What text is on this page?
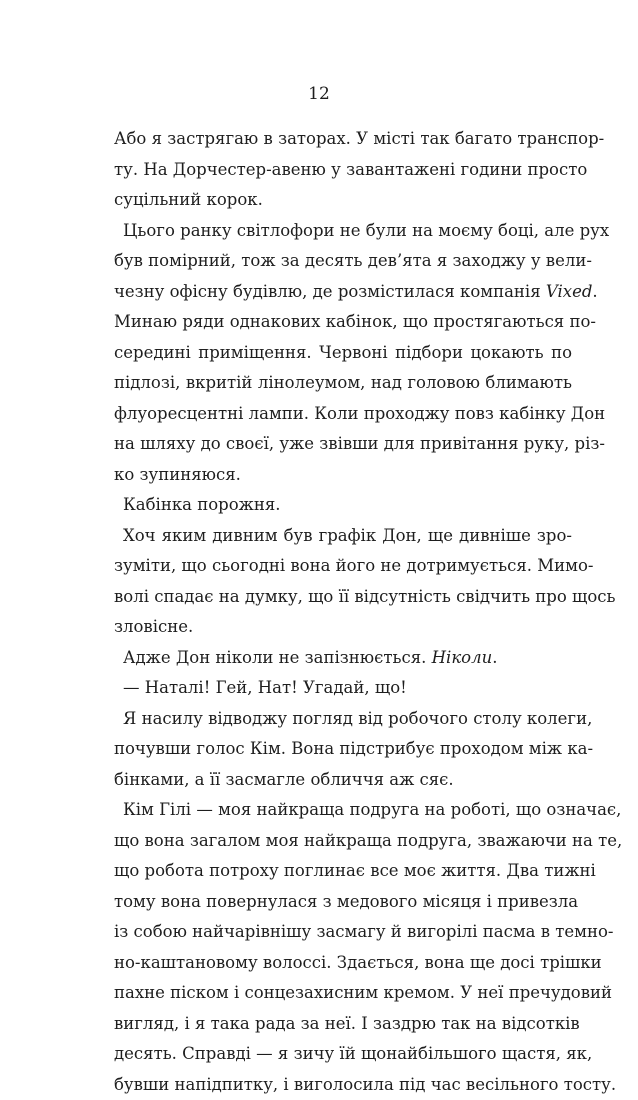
12

Або я застрягаю в заторах. У місті так багато транспор-
ту. На Дорчестер-авеню у завантажені години просто
суцільний корок.

Цього ранку світлофори не були на моєму боці, але рух
був помірний, тож за десять дев’ята я заходжу у вели-
чезну офісну будівлю, де розмістилася компанія Vixed.
Минаю ряди однакових кабінок, що простягаються по-
середині приміщення. Червоні підбори цокають по
підлозі, вкритій лінолеумом, над головою блимають
флуоресцентні лампи. Коли проходжу повз кабінку Дон
на шляху до своєї, уже звівши для привітання руку, різ-
ко зупиняюся.

Кабінка порожня.

Хоч яким дивним був графік Дон, ще дивніше зро-
зуміти, що сьогодні вона його не дотримується. Мимо-
волі спадає на думку, що її відсутність свідчить про щось
зловісне.

Адже Дон ніколи не запізнюється. Ніколи.

— Наталі! Гей, Нат! Угадай, що!

Я насилу відводжу погляд від робочого столу колеги,
почувши голос Кім. Вона підстрибує проходом між ка-
бінками, а її засмагле обличчя аж сяє.

Кім Гілі — моя найкраща подруга на роботі, що означає,
що вона загалом моя найкраща подруга, зважаючи на те,
що робота потроху поглинає все моє життя. Два тижні
тому вона повернулася з медового місяця і привезла
із собою найчарівнішу засмагу й вигорілі пасма в темно-
но-каштановому волоссі. Здається, вона ще досі трішки
пахне піском і сонцезахисним кремом. У неї пречудовий
вигляд, і я така рада за неї. І заздрю так на відсотків
десять. Справді — я зичу їй щонайбільшого щастя, як,
бувши напідпитку, і виголосила під час весільного тосту.
